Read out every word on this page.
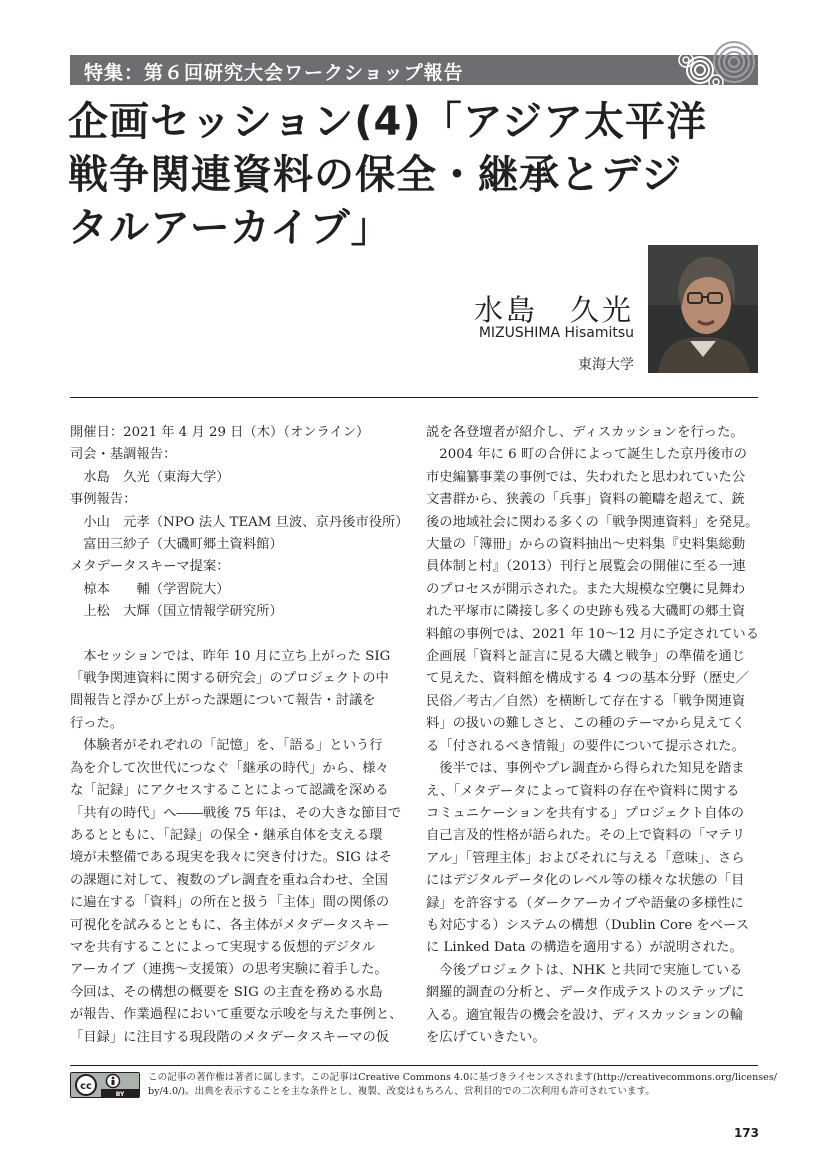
特集：第６回研究大会ワークショップ報告
企画セッション(4)「アジア太平洋
戦争関連資料の保全・継承とデジ
タルアーカイブ」
水島　久光
MIZUSHIMA Hisamitsu
東海大学
開催日：2021 年 4 月 29 日（木）（オンライン）
司会・基調報告：
水島　久光（東海大学）
事例報告：
小山　元孝（NPO 法人 TEAM 旦波、京丹後市役所）
富田三紗子（大磯町郷土資料館）
メタデータスキーマ提案：
椋本　　輔（学習院大）
上松　大輝（国立情報学研究所）
　本セッションでは、昨年 10 月に立ち上がった SIG
「戦争関連資料に関する研究会」のプロジェクトの中
間報告と浮かび上がった課題について報告・討議を
行った。
　体験者がそれぞれの「記憶」を、「語る」という行
為を介して次世代につなぐ「継承の時代」から、様々
な「記録」にアクセスすることによって認識を深める
「共有の時代」へ――戦後 75 年は、その大きな節目で
あるとともに、「記録」の保全・継承自体を支える環
境が未整備である現実を我々に突き付けた。SIG はそ
の課題に対して、複数のプレ調査を重ね合わせ、全国
に遍在する「資料」の所在と扱う「主体」間の関係の
可視化を試みるとともに、各主体がメタデータスキー
マを共有することによって実現する仮想的デジタル
アーカイブ（連携～支援策）の思考実験に着手した。
今回は、その構想の概要を SIG の主査を務める水島
が報告、作業過程において重要な示唆を与えた事例と、
「目録」に注目する現段階のメタデータスキーマの仮
説を各登壇者が紹介し、ディスカッションを行った。
　2004 年に 6 町の合併によって誕生した京丹後市の
市史編纂事業の事例では、失われたと思われていた公
文書群から、狭義の「兵事」資料の範疇を超えて、銃
後の地域社会に関わる多くの「戦争関連資料」を発見。
大量の「簿冊」からの資料抽出～史料集『史料集総動
員体制と村』（2013）刊行と展覧会の開催に至る一連
のプロセスが開示された。また大規模な空襲に見舞わ
れた平塚市に隣接し多くの史跡も残る大磯町の郷土資
料館の事例では、2021 年 10～12 月に予定されている
企画展「資料と証言に見る大磯と戦争」の準備を通じ
て見えた、資料館を構成する 4 つの基本分野（歴史／
民俗／考古／自然）を横断して存在する「戦争関連資
料」の扱いの難しさと、この種のテーマから見えてく
る「付されるべき情報」の要件について提示された。
　後半では、事例やプレ調査から得られた知見を踏ま
え、「メタデータによって資料の存在や資料に関する
コミュニケーションを共有する」プロジェクト自体の
自己言及的性格が語られた。その上で資料の「マテリ
アル」「管理主体」およびそれに与える「意味」、さら
にはデジタルデータ化のレベル等の様々な状態の「目
録」を許容する（ダークアーカイブや語彙の多様性に
も対応する）システムの構想（Dublin Core をベース
に Linked Data の構造を適用する）が説明された。
　今後プロジェクトは、NHK と共同で実施している
網羅的調査の分析と、データ作成テストのステップに
入る。適宜報告の機会を設け、ディスカッションの輪
を広げていきたい。
cc
BY
この記事の著作権は著者に属します。この記事はCreative Commons 4.0に基づきライセンスされます(http://creativecommons.org/licenses/
by/4.0/)。出典を表示することを主な条件とし、複製、改変はもちろん、営利目的での二次利用も許可されています。
173
